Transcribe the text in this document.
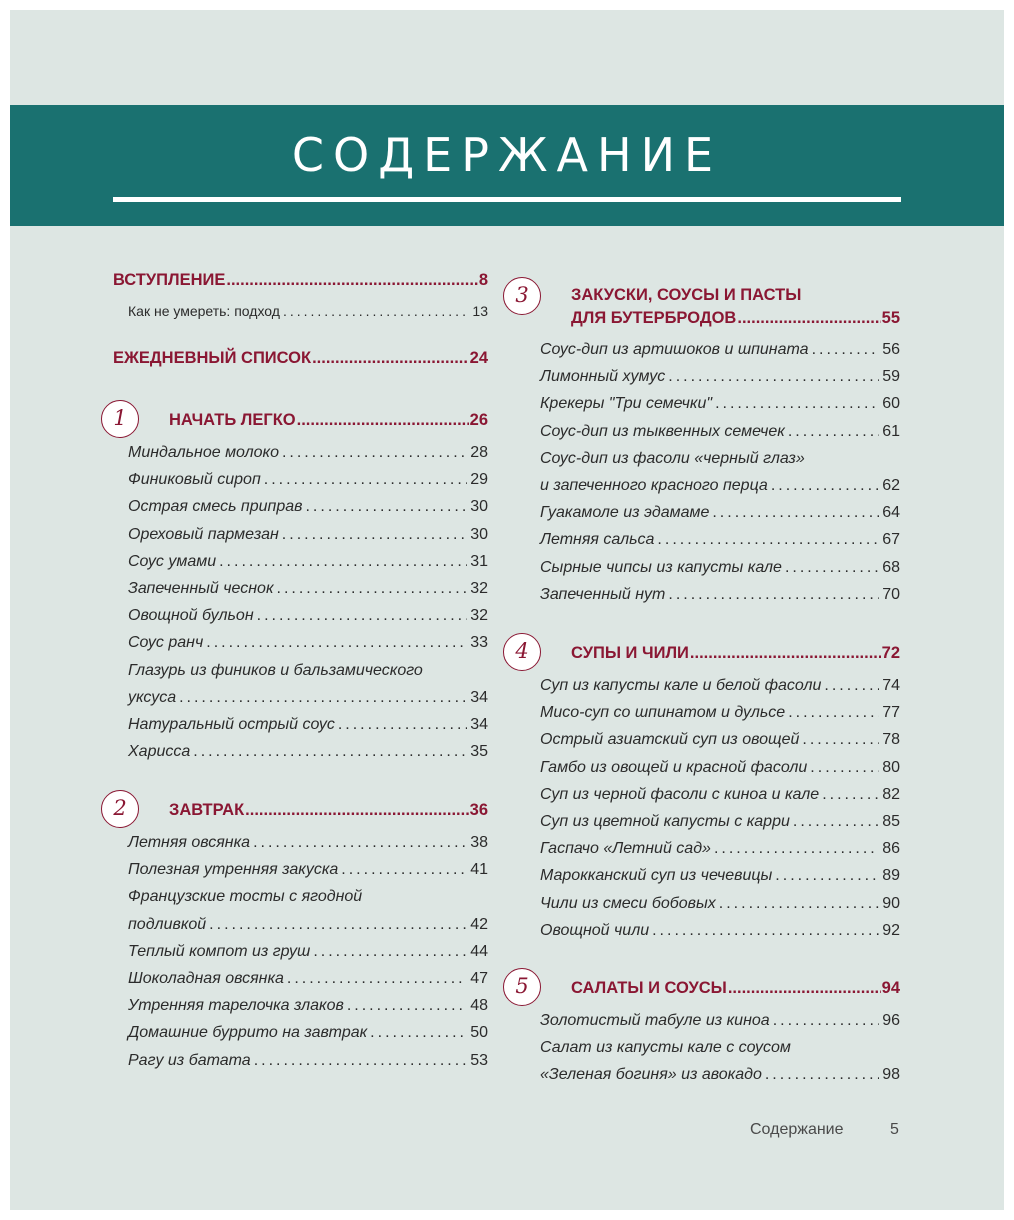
СОДЕРЖАНИЕ
ВСТУПЛЕНИЕ .....	8
Как не умереть: подход .....	13
ЕЖЕДНЕВНЫЙ СПИСОК .....	24
1	НАЧАТЬ ЛЕГКО .....	26
Миндальное молоко .....	28
Финиковый сироп .....	29
Острая смесь приправ .....	30
Ореховый пармезан .....	30
Соус умами .....	31
Запеченный чеснок .....	32
Овощной бульон .....	32
Соус ранч .....	33
Глазурь из фиников и бальзамического
уксуса .....	34
Натуральный острый соус .....	34
Харисса .....	35
2	ЗАВТРАК .....	36
Летняя овсянка .....	38
Полезная утренняя закуска .....	41
Французские тосты с ягодной
подливкой .....	42
Теплый компот из груш .....	44
Шоколадная овсянка .....	47
Утренняя тарелочка злаков .....	48
Домашние буррито на завтрак .....	50
Рагу из батата .....	53
3	ЗАКУСКИ, СОУСЫ И ПАСТЫ
ДЛЯ БУТЕРБРОДОВ .....	55
Соус-дип из артишоков и шпината .....	56
Лимонный хумус .....	59
Крекеры "Три семечки" .....	60
Соус-дип из тыквенных семечек .....	61
Соус-дип из фасоли «черный глаз»
и запеченного красного перца .....	62
Гуакамоле из эдамаме .....	64
Летняя сальса .....	67
Сырные чипсы из капусты кале .....	68
Запеченный нут .....	70
4	СУПЫ И ЧИЛИ .....	72
Суп из капусты кале и белой фасоли .....	74
Мисо-суп со шпинатом и дульсе .....	77
Острый азиатский суп из овощей .....	78
Гамбо из овощей и красной фасоли .....	80
Суп из черной фасоли с киноа и кале .....	82
Суп из цветной капусты с карри .....	85
Гаспачо «Летний сад» .....	86
Марокканский суп из чечевицы .....	89
Чили из смеси бобовых .....	90
Овощной чили .....	92
5	САЛАТЫ И СОУСЫ .....	94
Золотистый табуле из киноа .....	96
Салат из капусты кале с соусом
«Зеленая богиня» из авокадо .....	98
Содержание	5
